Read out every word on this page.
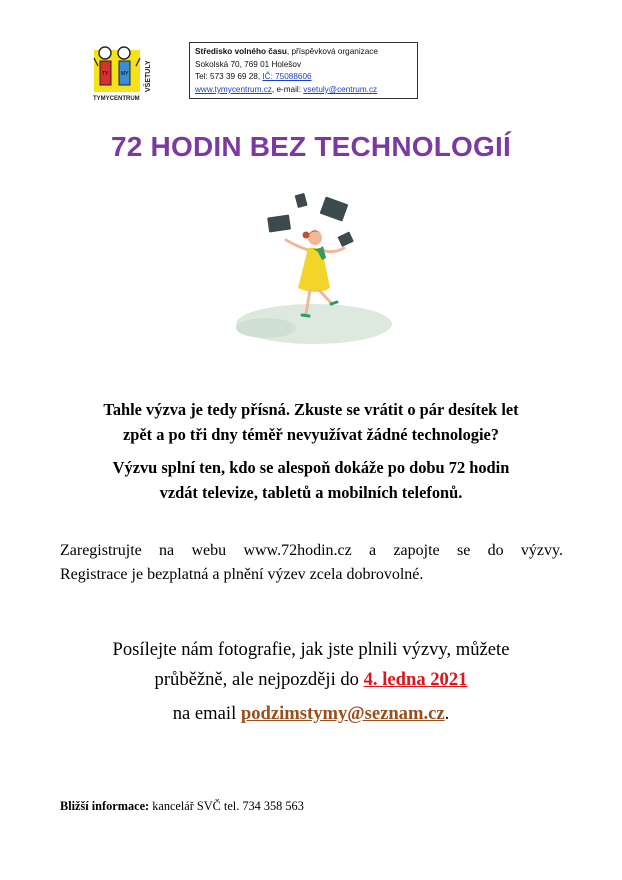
TY	MY
TYMYCENTRUM
VŠETULY
Středisko volného času, příspěvková organizace
Sokolská 70, 769 01 Holešov
Tel: 573 39 69 28, IČ: 75088606
www.tymycentrum.cz, e-mail: vsetuly@centrum.cz
72 HODIN BEZ TECHNOLOGIÍ
Tahle výzva je tedy přísná. Zkuste se vrátit o pár desítek let
zpět a po tři dny téměř nevyužívat žádné technologie?
Výzvu splní ten, kdo se alespoň dokáže po dobu 72 hodin
vzdát televize, tabletů a mobilních telefonů.
Zaregistrujte na webu www.72hodin.cz a zapojte se do výzvy.
Registrace je bezplatná a plnění výzev zcela dobrovolné.
Posílejte nám fotografie, jak jste plnili výzvy, můžete
průběžně, ale nejpozději do 4. ledna 2021
na email podzimstymy@seznam.cz.
Bližší informace: kancelář SVČ tel. 734 358 563
